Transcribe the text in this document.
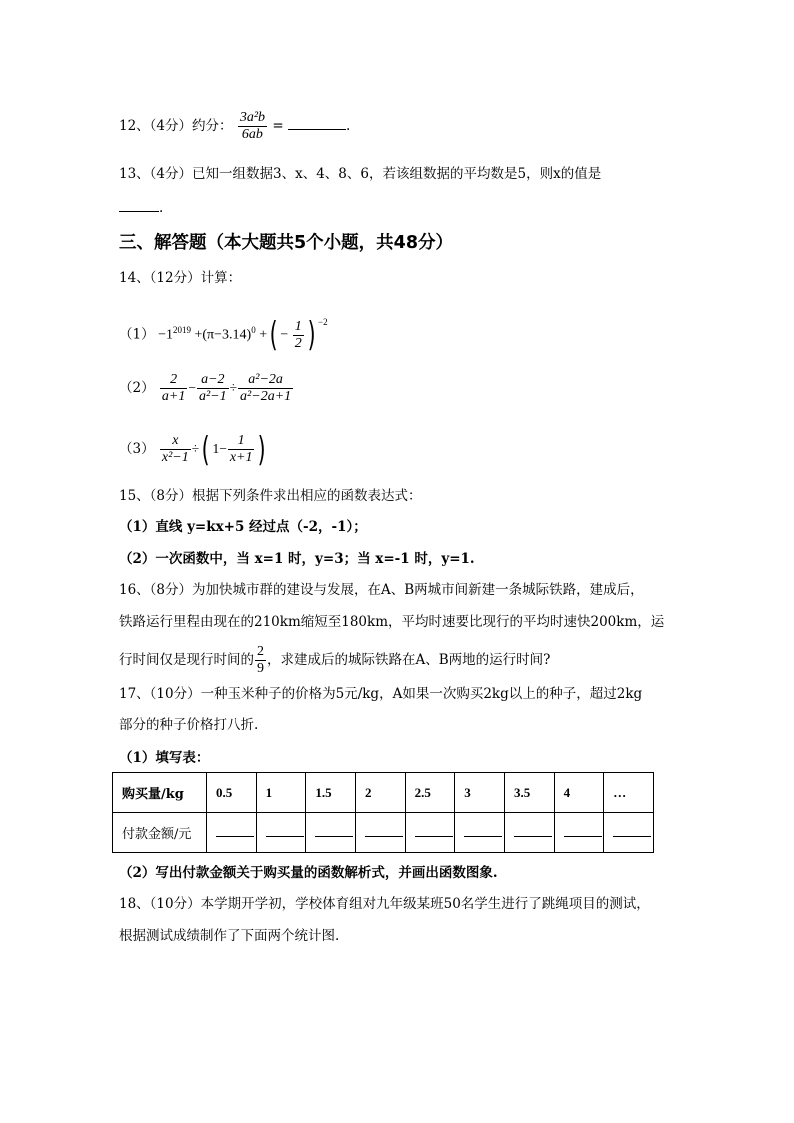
12、（4分）约分： $\frac{\text{3a²b}}{6ab}$ =	.
13、（4分）已知一组数据3、x、4、8、6，若该组数据的平均数是5，则x的值是
.
三、解答题（本大题共5个小题，共48分）
14、（12分）计算：
$(1) -1^{2019} +(\pi-3.14)^0$ +( − $\frac{1}{2}$ ) $^{-2}$
$(2) \frac{2}{a+1} - \frac{a-2}{\text{a²−1}} \div \frac{\text{a²−2a}}{\text{a²−2a+1}}$
$(3) \frac{x}{\text{x²−1}}$ ÷( $1- \frac{1}{x+1}$ )
15、（8分）根据下列条件求出相应的函数表达式：
（1）直线 y=kx+5 经过点（-2，-1）；
（2）一次函数中，当 x=1 时，y=3；当 x=-1 时，y=1.
16、（8分）为加快城市群的建设与发展，在A、B两城市间新建一条城际铁路，建成后，
铁路运行里程由现在的210km缩短至180km，平均时速要比现行的平均时速快200km，运
行时间仅是现行时间的 $\frac{2}{9}$ ，求建成后的城际铁路在A、B两地的运行时间?
17、（10分）一种玉米种子的价格为5元/kg，A如果一次购买2kg以上的种子，超过2kg
部分的种子价格打八折.
（1）填写表：
购买量/kg	0.5	1	1.5	2	2.5	3	3.5	4	…
付款金额/元									
（2）写出付款金额关于购买量的函数解析式，并画出函数图象.
18、（10分）本学期开学初，学校体育组对九年级某班50名学生进行了跳绳项目的测试，
根据测试成绩制作了下面两个统计图.
